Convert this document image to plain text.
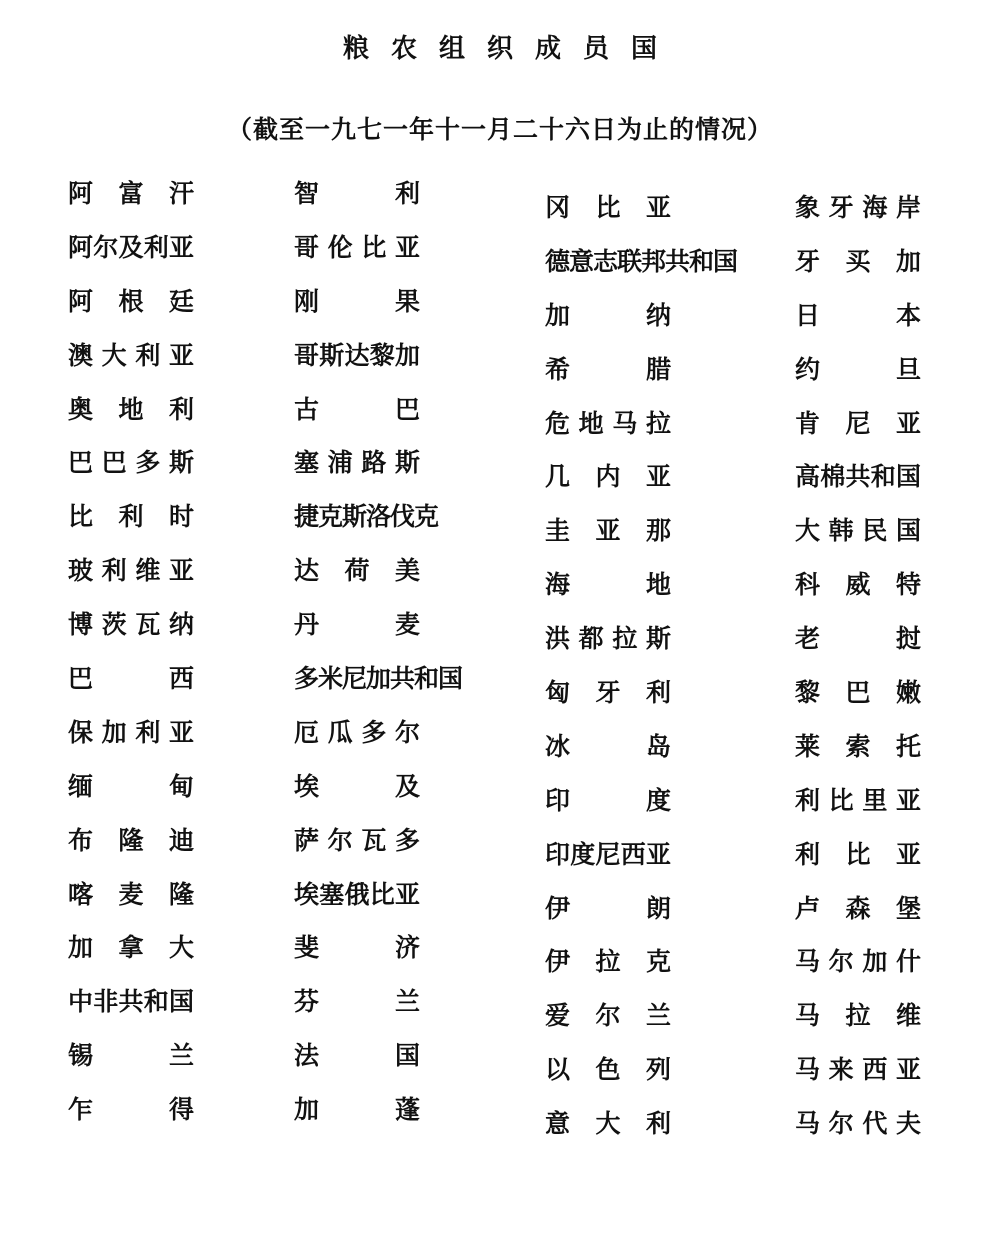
粮农组织成员国
（截至一九七一年十一月二十六日为止的情况）
阿 富 汗
阿 尔 及 利 亚
阿 根 廷
澳 大 利 亚
奥 地 利
巴 巴 多 斯
比 利 时
玻 利 维 亚
博 茨 瓦 纳
巴	西
保 加 利 亚
缅	甸
布 隆 迪
喀 麦 隆
加 拿 大
中 非 共 和 国
锡	兰
乍	得
智	利
哥 伦 比 亚
刚	果
哥 斯 达 黎 加
古	巴
塞 浦 路 斯
捷克斯洛伐克
达 荷 美
丹	麦
多米尼加共和国
厄 瓜 多 尔
埃	及
萨 尔 瓦 多
埃 塞 俄 比 亚
斐	济
芬	兰
法	国
加	蓬
冈 比 亚
德意志联邦共和国
加	纳
希	腊
危 地 马 拉
几 内 亚
圭 亚 那
海	地
洪 都 拉 斯
匈 牙 利
冰	岛
印	度
印 度 尼 西 亚
伊	朗
伊 拉 克
爱 尔 兰
以 色 列
意 大 利
象 牙 海 岸
牙 买 加
日	本
约	旦
肯 尼 亚
高 棉 共 和 国
大 韩 民 国
科 威 特
老	挝
黎 巴 嫩
莱 索 托
利 比 里 亚
利 比 亚
卢 森 堡
马 尔 加 什
马 拉 维
马 来 西 亚
马 尔 代 夫
